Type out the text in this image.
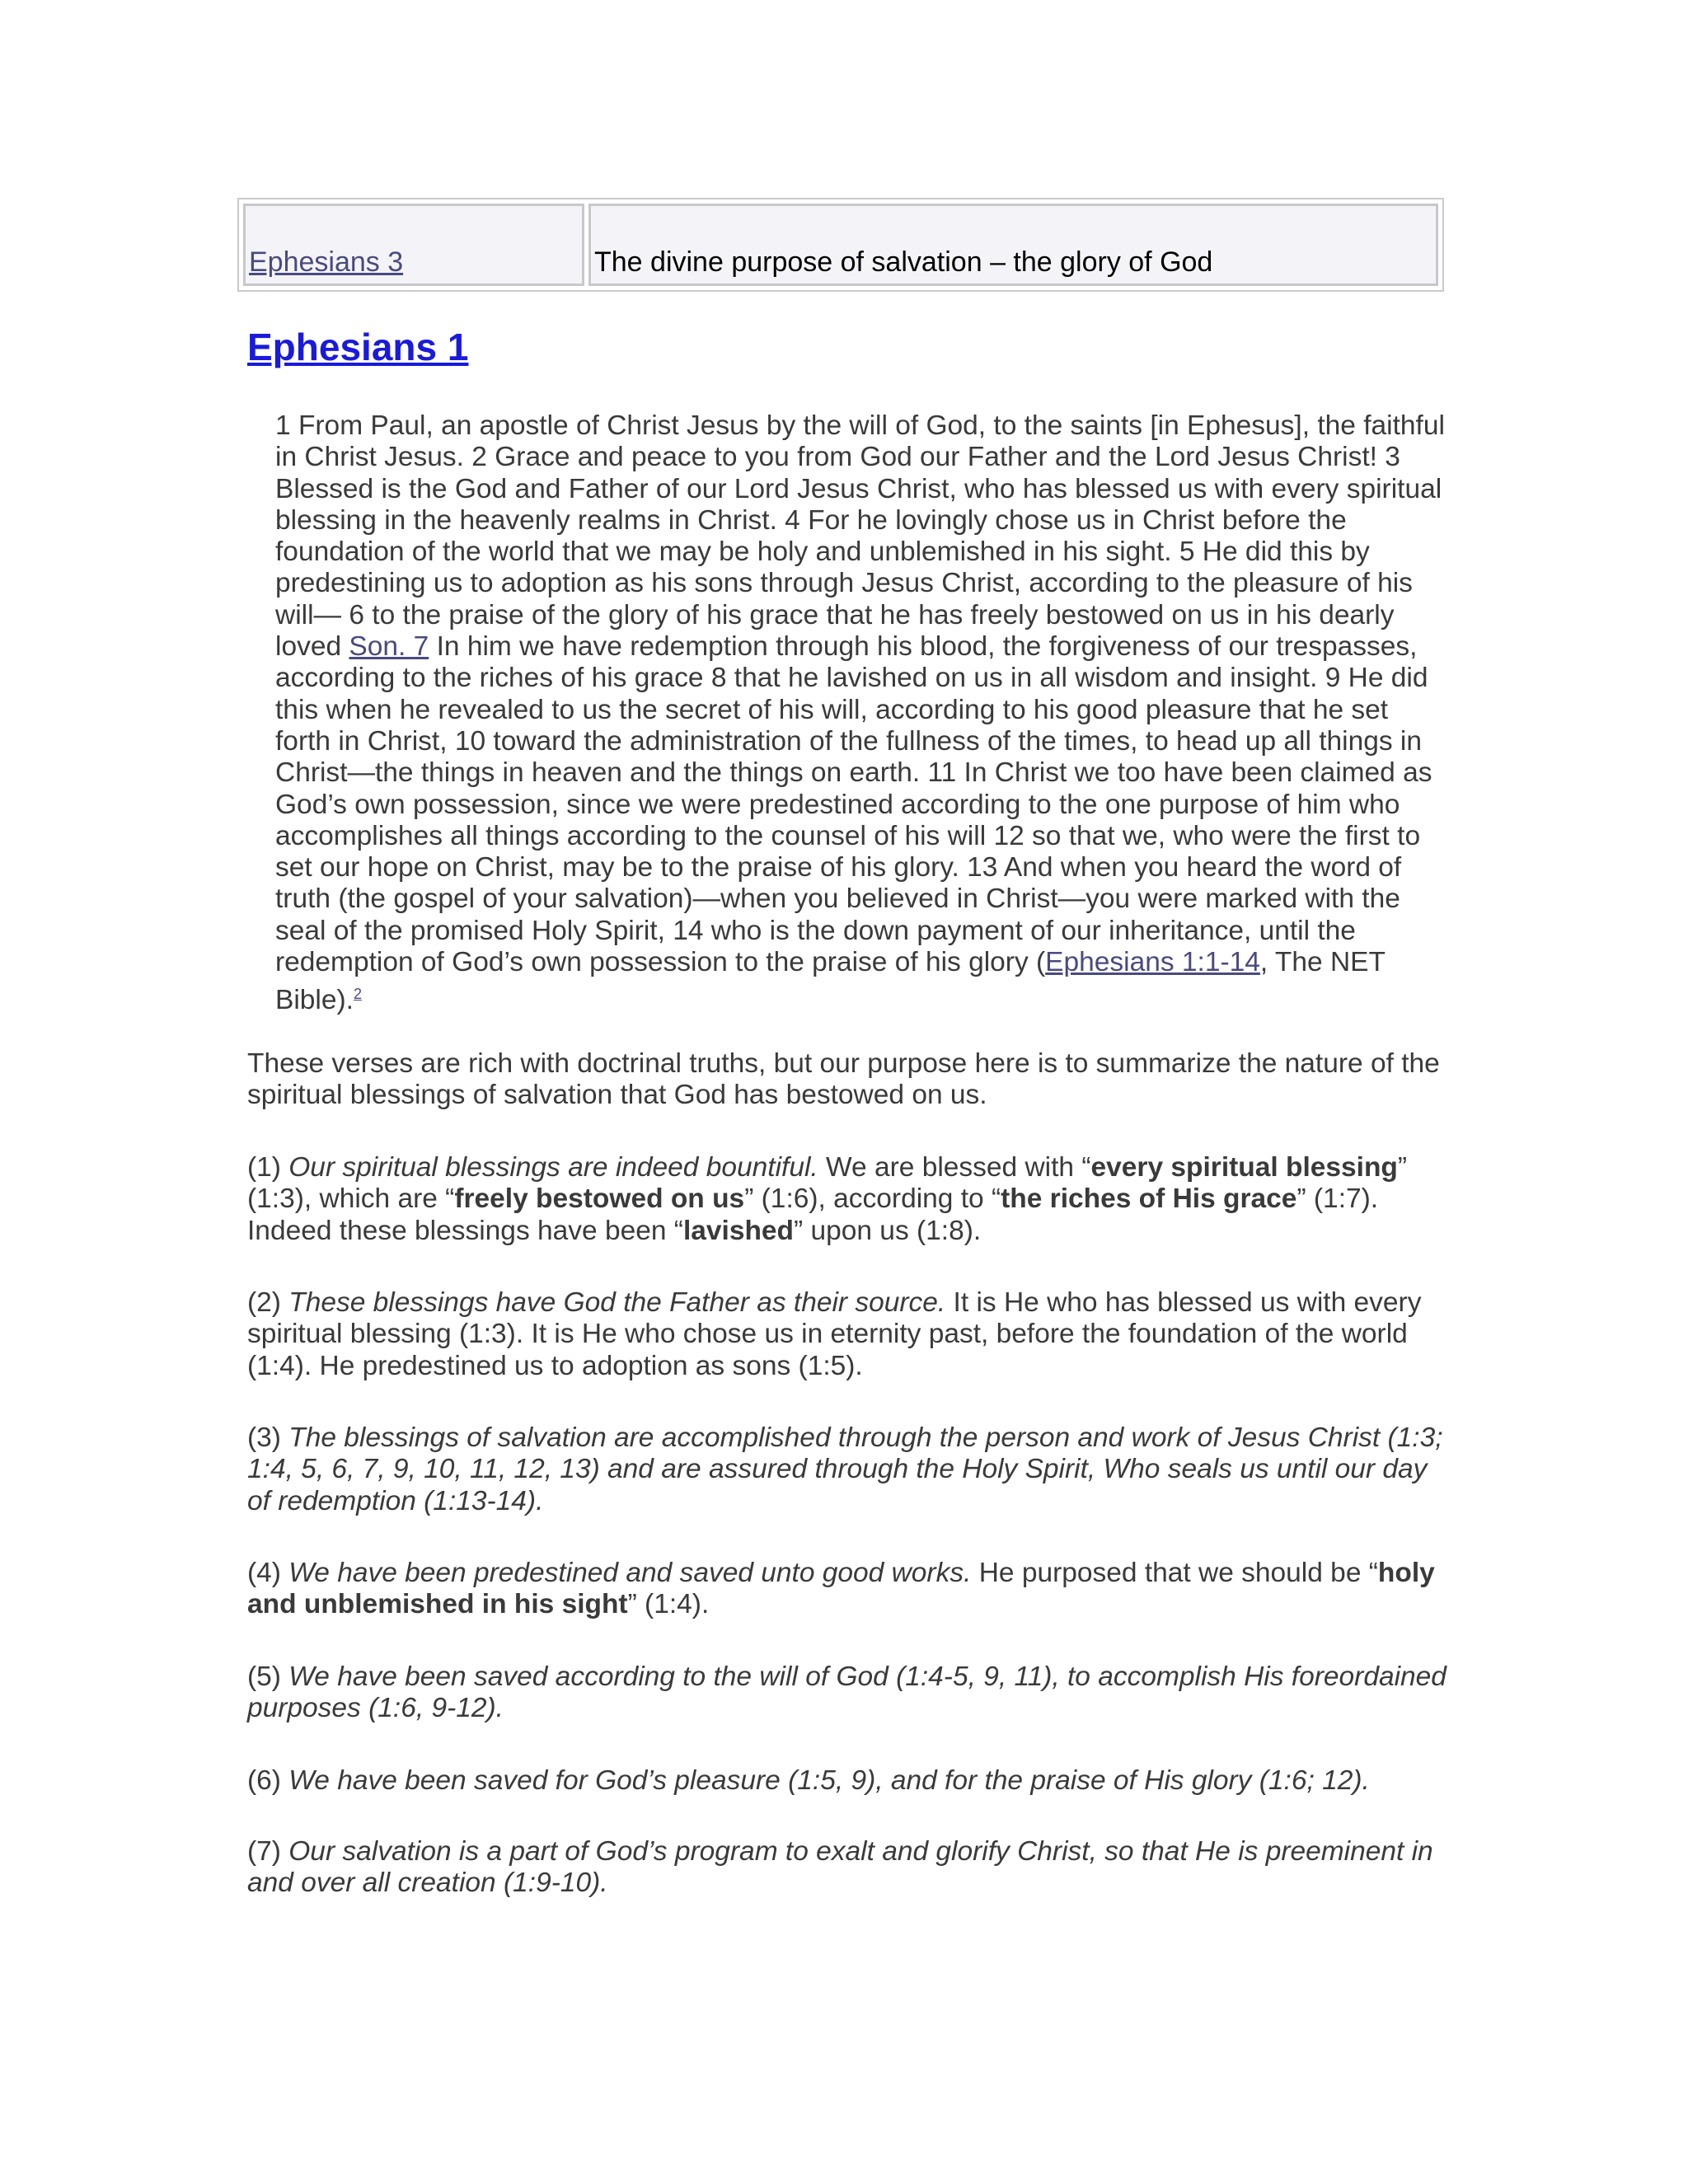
Ephesians 3	The divine purpose of salvation – the glory of God
Ephesians 1

1 From Paul, an apostle of Christ Jesus by the will of God, to the saints [in Ephesus], the faithful in Christ Jesus. 2 Grace and peace to you from God our Father and the Lord Jesus Christ! 3 Blessed is the God and Father of our Lord Jesus Christ, who has blessed us with every spiritual blessing in the heavenly realms in Christ. 4 For he lovingly chose us in Christ before the foundation of the world that we may be holy and unblemished in his sight. 5 He did this by predestining us to adoption as his sons through Jesus Christ, according to the pleasure of his will— 6 to the praise of the glory of his grace that he has freely bestowed on us in his dearly loved Son. 7 In him we have redemption through his blood, the forgiveness of our trespasses, according to the riches of his grace 8 that he lavished on us in all wisdom and insight. 9 He did this when he revealed to us the secret of his will, according to his good pleasure that he set forth in Christ, 10 toward the administration of the fullness of the times, to head up all things in Christ—the things in heaven and the things on earth. 11 In Christ we too have been claimed as God’s own possession, since we were predestined according to the one purpose of him who accomplishes all things according to the counsel of his will 12 so that we, who were the first to set our hope on Christ, may be to the praise of his glory. 13 And when you heard the word of truth (the gospel of your salvation)—when you believed in Christ—you were marked with the seal of the promised Holy Spirit, 14 who is the down payment of our inheritance, until the redemption of God’s own possession to the praise of his glory (Ephesians 1:1-14, The NET Bible).$^2$

These verses are rich with doctrinal truths, but our purpose here is to summarize the nature of the spiritual blessings of salvation that God has bestowed on us.

(1) Our spiritual blessings are indeed bountiful. We are blessed with “every spiritual blessing” (1:3), which are “freely bestowed on us” (1:6), according to “the riches of His grace” (1:7). Indeed these blessings have been “lavished” upon us (1:8).

(2) These blessings have God the Father as their source. It is He who has blessed us with every spiritual blessing (1:3). It is He who chose us in eternity past, before the foundation of the world (1:4). He predestined us to adoption as sons (1:5).

(3) The blessings of salvation are accomplished through the person and work of Jesus Christ (1:3; 1:4, 5, 6, 7, 9, 10, 11, 12, 13) and are assured through the Holy Spirit, Who seals us until our day of redemption (1:13-14).

(4) We have been predestined and saved unto good works. He purposed that we should be “holy and unblemished in his sight” (1:4).

(5) We have been saved according to the will of God (1:4-5, 9, 11), to accomplish His foreordained purposes (1:6, 9-12).

(6) We have been saved for God’s pleasure (1:5, 9), and for the praise of His glory (1:6; 12).

(7) Our salvation is a part of God’s program to exalt and glorify Christ, so that He is preeminent in and over all creation (1:9-10).
